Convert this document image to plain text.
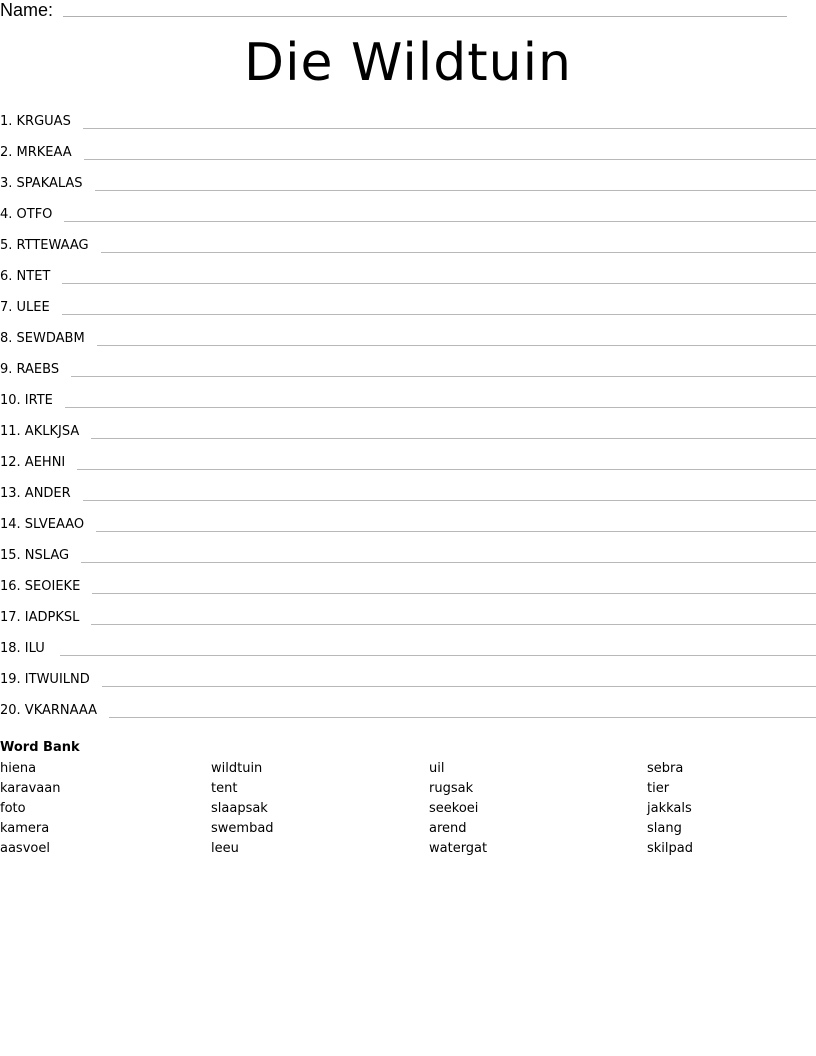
Name:
Die Wildtuin
1. KRGUAS
2. MRKEAA
3. SPAKALAS
4. OTFO
5. RTTEWAAG
6. NTET
7. ULEE
8. SEWDABM
9. RAEBS
10. IRTE
11. AKLKJSA
12. AEHNI
13. ANDER
14. SLVEAAO
15. NSLAG
16. SEOIEKE
17. IADPKSL
18. ILU
19. ITWUILND
20. VKARNAAA
Word Bank
hiena	wildtuin	uil	sebra
karavaan	tent	rugsak	tier
foto	slaapsak	seekoei	jakkals
kamera	swembad	arend	slang
aasvoel	leeu	watergat	skilpad
